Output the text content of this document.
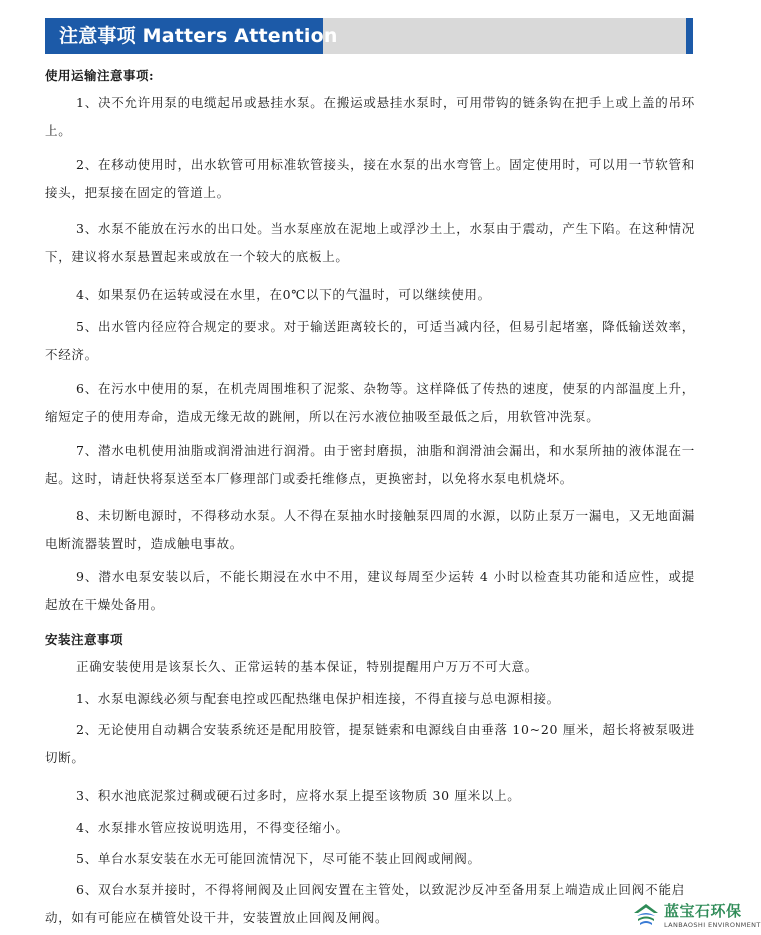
注意事项 Matters Attention
使用运输注意事项:
1、决不允许用泵的电缆起吊或悬挂水泵。在搬运或悬挂水泵时，可用带钩的链条钩在把手上或上盖的吊环上。
2、在移动使用时，出水软管可用标准软管接头，接在水泵的出水弯管上。固定使用时，可以用一节软管和接头，把泵接在固定的管道上。
3、水泵不能放在污水的出口处。当水泵座放在泥地上或浮沙土上，水泵由于震动，产生下陷。在这种情况下，建议将水泵悬置起来或放在一个较大的底板上。
4、如果泵仍在运转或浸在水里，在0℃以下的气温时，可以继续使用。
5、出水管内径应符合规定的要求。对于输送距离较长的，可适当减内径，但易引起堵塞，降低输送效率，不经济。
6、在污水中使用的泵，在机壳周围堆积了泥浆、杂物等。这样降低了传热的速度，使泵的内部温度上升，缩短定子的使用寿命，造成无缘无故的跳闸，所以在污水液位抽吸至最低之后，用软管冲洗泵。
7、潜水电机使用油脂或润滑油进行润滑。由于密封磨损，油脂和润滑油会漏出，和水泵所抽的液体混在一起。这时，请赶快将泵送至本厂修理部门或委托维修点，更换密封，以免将水泵电机烧坏。
8、未切断电源时，不得移动水泵。人不得在泵抽水时接触泵四周的水源，以防止泵万一漏电，又无地面漏电断流器装置时，造成触电事故。
9、潜水电泵安装以后，不能长期浸在水中不用，建议每周至少运转 4 小时以检查其功能和适应性，或提起放在干燥处备用。
安装注意事项
正确安装使用是该泵长久、正常运转的基本保证，特别提醒用户万万不可大意。
1、水泵电源线必须与配套电控或匹配热继电保护相连接，不得直接与总电源相接。
2、无论使用自动耦合安装系统还是配用胶管，提泵链索和电源线自由垂落 10~20 厘米，超长将被泵吸进切断。
3、积水池底泥浆过稠或硬石过多时，应将水泵上提至该物质 30 厘米以上。
4、水泵排水管应按说明选用，不得变径缩小。
5、单台水泵安装在水无可能回流情况下，尽可能不装止回阀或闸阀。
6、双台水泵并接时，不得将闸阀及止回阀安置在主管处，以致泥沙反冲至备用泵上端造成止回阀不能启动，如有可能应在横管处设干井，安装置放止回阀及闸阀。	蓝宝石环保
LANBAOSHI ENVIRONMENT
